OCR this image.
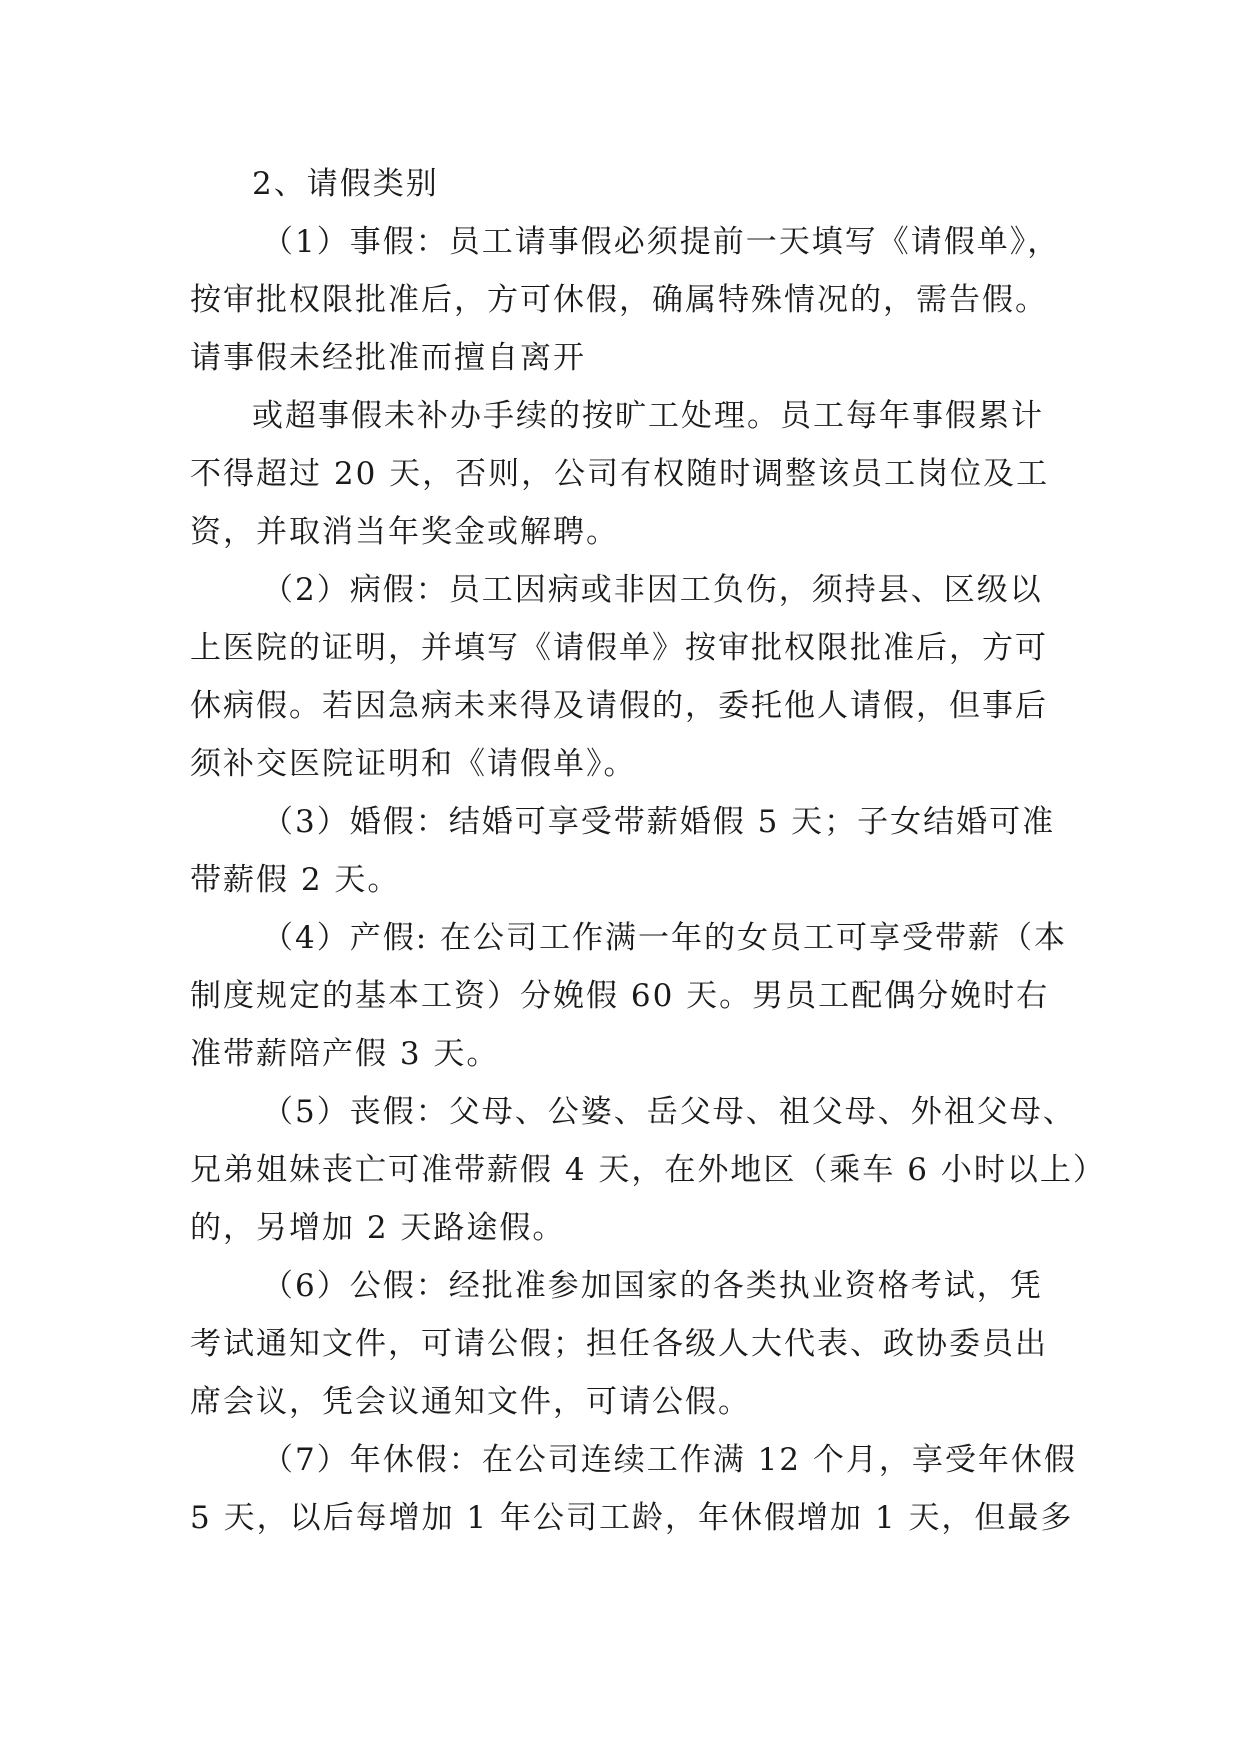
2、请假类别
（1）事假：员工请事假必须提前一天填写《请假单》，
按审批权限批准后，方可休假，确属特殊情况的，需告假。
请事假未经批准而擅自离开
或超事假未补办手续的按旷工处理。员工每年事假累计
不得超过 20 天，否则，公司有权随时调整该员工岗位及工
资，并取消当年奖金或解聘。
（2）病假：员工因病或非因工负伤，须持县、区级以
上医院的证明，并填写《请假单》按审批权限批准后，方可
休病假。若因急病未来得及请假的，委托他人请假，但事后
须补交医院证明和《请假单》。
（3）婚假：结婚可享受带薪婚假 5 天；子女结婚可准
带薪假 2 天。
（4）产假: 在公司工作满一年的女员工可享受带薪（本
制度规定的基本工资）分娩假 60 天。男员工配偶分娩时右
准带薪陪产假 3 天。
（5）丧假：父母、公婆、岳父母、祖父母、外祖父母、
兄弟姐妹丧亡可准带薪假 4 天，在外地区（乘车 6 小时以上）
的，另增加 2 天路途假。
（6）公假：经批准参加国家的各类执业资格考试，凭
考试通知文件，可请公假；担任各级人大代表、政协委员出
席会议，凭会议通知文件，可请公假。
（7）年休假：在公司连续工作满 12 个月，享受年休假
5 天，以后每增加 1 年公司工龄，年休假增加 1 天，但最多
